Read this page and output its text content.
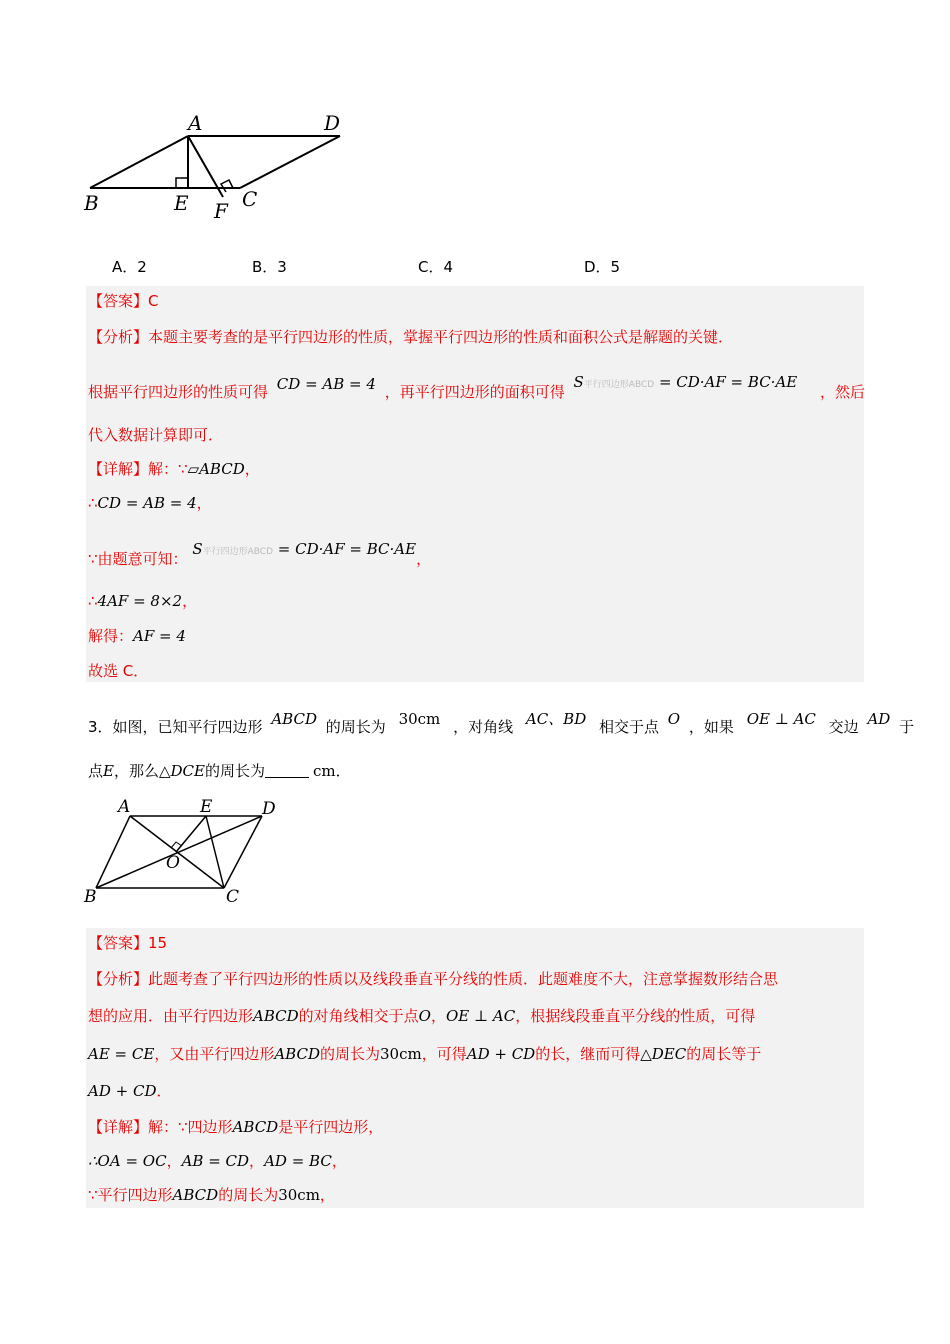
A	D
B	E F C
A．2	B．3	C．4	D．5
【答案】C
【分析】本题主要考查的是平行四边形的性质，掌握平行四边形的性质和面积公式是解题的关键．
根据平行四边形的性质可得 CD = AB = 4 ，再平行四边形的面积可得 S平行四边形ABCD = CD·AF = BC·AE ，然后
代入数据计算即可．
【详解】解：∵▱ABCD，
∴CD = AB = 4，
∵由题意可知： S平行四边形ABCD = CD·AF = BC·AE，
∴4AF = 8×2，
解得：AF = 4
故选 C．
3．如图，已知平行四边形 ABCD 的周长为 30cm ，对角线 AC、BD 相交于点 O ，如果 OE ⊥ AC 交边 AD 于
点E，那么△DCE的周长为	cm．
A	E	D
O
B	C
【答案】15
【分析】此题考查了平行四边形的性质以及线段垂直平分线的性质．此题难度不大，注意掌握数形结合思
想的应用．由平行四边形ABCD的对角线相交于点O，OE ⊥ AC，根据线段垂直平分线的性质，可得
AE = CE，又由平行四边形ABCD的周长为30cm，可得AD + CD的长，继而可得△DEC的周长等于
AD + CD．
【详解】解：∵四边形ABCD是平行四边形，
∴OA = OC，AB = CD，AD = BC，
∵平行四边形ABCD的周长为30cm，
